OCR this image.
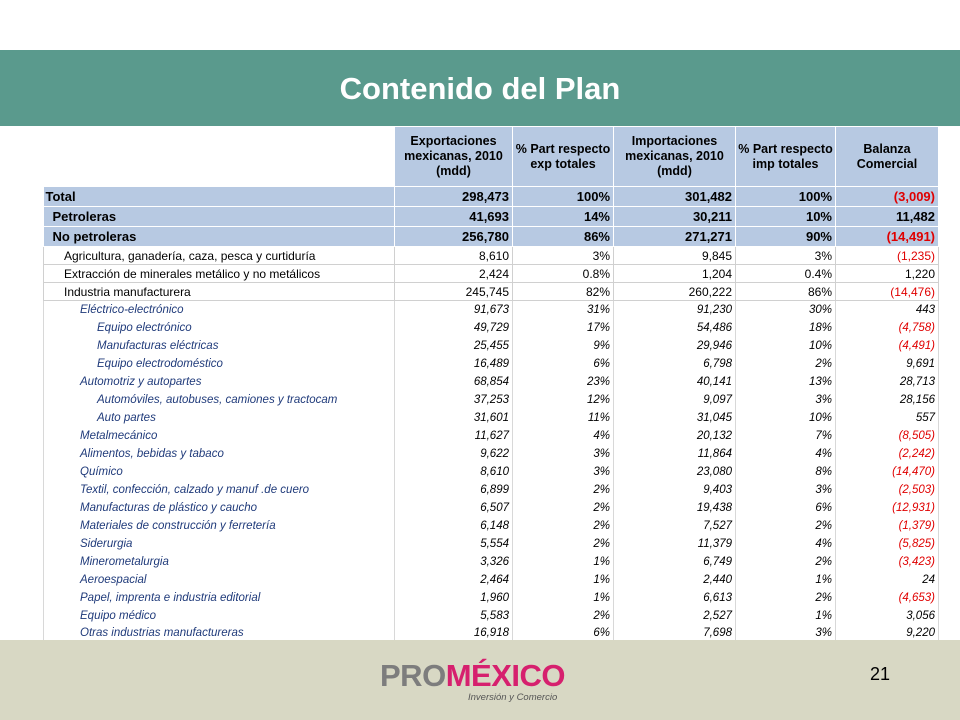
Contenido del Plan
	Exportaciones mexicanas, 2010 (mdd)	% Part respecto exp totales	Importaciones mexicanas, 2010 (mdd)	% Part respecto imp totales	Balanza Comercial
Total	298,473	100%	301,482	100%	(3,009)
Petroleras	41,693	14%	30,211	10%	11,482
No petroleras	256,780	86%	271,271	90%	(14,491)
Agricultura, ganadería, caza, pesca y curtiduría	8,610	3%	9,845	3%	(1,235)
Extracción de minerales metálico y no metálicos	2,424	0.8%	1,204	0.4%	1,220
Industria manufacturera	245,745	82%	260,222	86%	(14,476)
Eléctrico-electrónico	91,673	31%	91,230	30%	443
Equipo electrónico	49,729	17%	54,486	18%	(4,758)
Manufacturas eléctricas	25,455	9%	29,946	10%	(4,491)
Equipo electrodoméstico	16,489	6%	6,798	2%	9,691
Automotriz y autopartes	68,854	23%	40,141	13%	28,713
Automóviles, autobuses, camiones y tractocam	37,253	12%	9,097	3%	28,156
Auto partes	31,601	11%	31,045	10%	557
Metalmecánico	11,627	4%	20,132	7%	(8,505)
Alimentos, bebidas y tabaco	9,622	3%	11,864	4%	(2,242)
Químico	8,610	3%	23,080	8%	(14,470)
Textil, confección, calzado y manuf .de cuero	6,899	2%	9,403	3%	(2,503)
Manufacturas de plástico y caucho	6,507	2%	19,438	6%	(12,931)
Materiales de construcción y ferretería	6,148	2%	7,527	2%	(1,379)
Siderurgia	5,554	2%	11,379	4%	(5,825)
Minerometalurgia	3,326	1%	6,749	2%	(3,423)
Aeroespacial	2,464	1%	2,440	1%	24
Papel, imprenta e industria editorial	1,960	1%	6,613	2%	(4,653)
Equipo médico	5,583	2%	2,527	1%	3,056
Otras industrias manufactureras	16,918	6%	7,698	3%	9,220
PROMÉXICO
Inversión y Comercio
21
